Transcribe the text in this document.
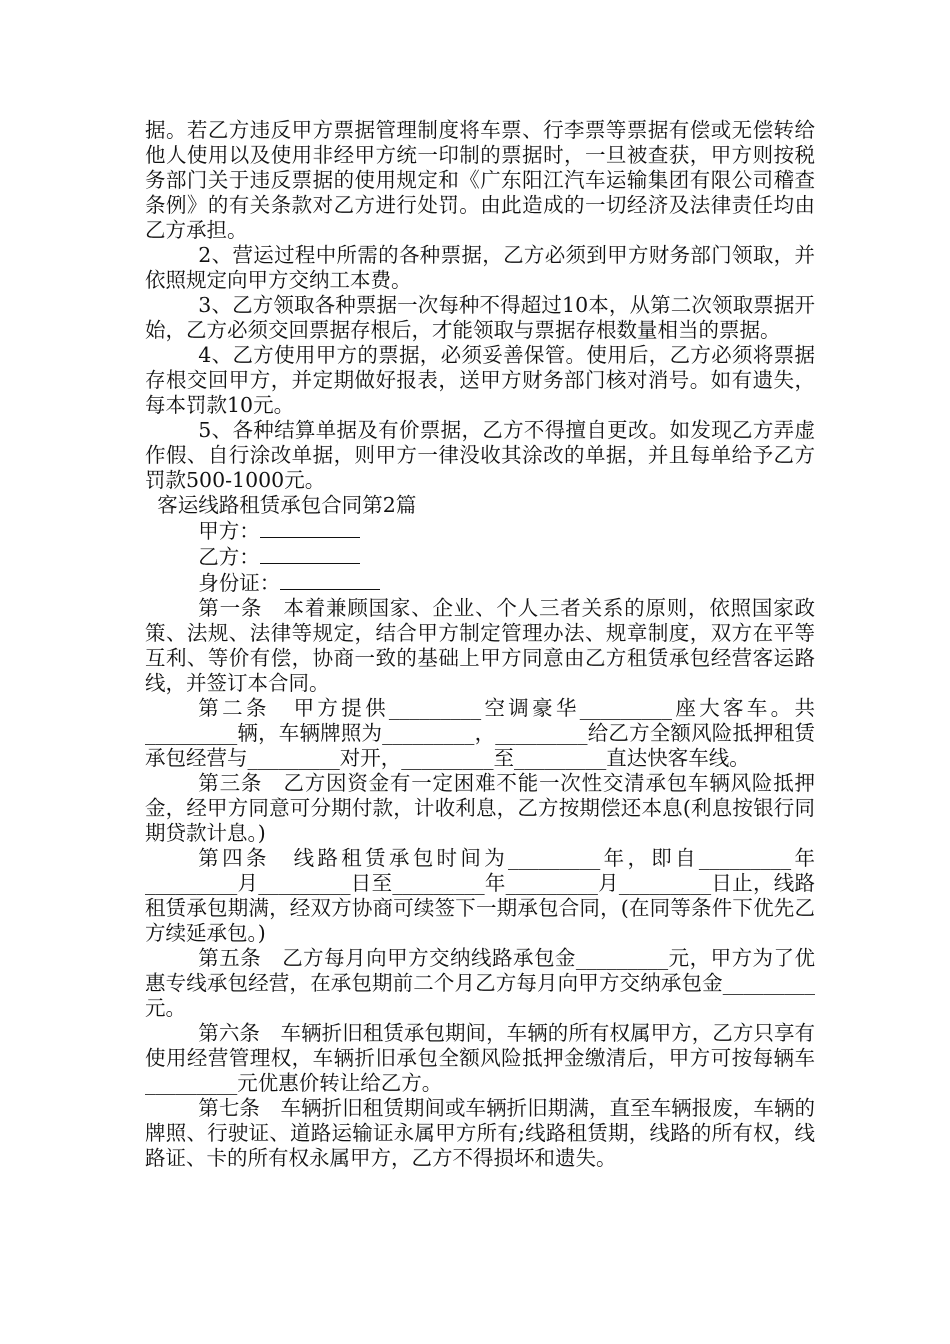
据。若乙方违反甲方票据管理制度将车票、行李票等票据有偿或无偿转给他人使用以及使用非经甲方统一印制的票据时，一旦被查获，甲方则按税务部门关于违反票据的使用规定和《广东阳江汽车运输集团有限公司稽查条例》的有关条款对乙方进行处罚。由此造成的一切经济及法律责任均由乙方承担。

2、营运过程中所需的各种票据，乙方必须到甲方财务部门领取，并依照规定向甲方交纳工本费。

3、乙方领取各种票据一次每种不得超过10本，从第二次领取票据开始，乙方必须交回票据存根后，才能领取与票据存根数量相当的票据。

4、乙方使用甲方的票据，必须妥善保管。使用后，乙方必须将票据存根交回甲方，并定期做好报表，送甲方财务部门核对消号。如有遗失，每本罚款10元。

5、各种结算单据及有价票据，乙方不得擅自更改。如发现乙方弄虚作假、自行涂改单据，则甲方一律没收其涂改的单据，并且每单给予乙方罚款500-1000元。

客运线路租赁承包合同第2篇

甲方：

乙方：

身份证：

第一条　本着兼顾国家、企业、个人三者关系的原则，依照国家政策、法规、法律等规定，结合甲方制定管理办法、规章制度，双方在平等互利、等价有偿，协商一致的基础上甲方同意由乙方租赁承包经营客运路线，并签订本合同。

第二条　甲方提供_________空调豪华_________座大客车。共_________辆，车辆牌照为_________，_________给乙方全额风险抵押租赁承包经营与_________对开，_________至_________直达快客车线。

第三条　乙方因资金有一定困难不能一次性交清承包车辆风险抵押金，经甲方同意可分期付款，计收利息，乙方按期偿还本息(利息按银行同期贷款计息。)

第四条　线路租赁承包时间为_________年，即自_________年_________月_________日至_________年_________月_________日止，线路租赁承包期满，经双方协商可续签下一期承包合同，(在同等条件下优先乙方续延承包。)

第五条　乙方每月向甲方交纳线路承包金_________元，甲方为了优惠专线承包经营，在承包期前二个月乙方每月向甲方交纳承包金_________元。

第六条　车辆折旧租赁承包期间，车辆的所有权属甲方，乙方只享有使用经营管理权，车辆折旧承包全额风险抵押金缴清后，甲方可按每辆车_________元优惠价转让给乙方。

第七条　车辆折旧租赁期间或车辆折旧期满，直至车辆报废，车辆的牌照、行驶证、道路运输证永属甲方所有;线路租赁期，线路的所有权，线路证、卡的所有权永属甲方，乙方不得损坏和遗失。
